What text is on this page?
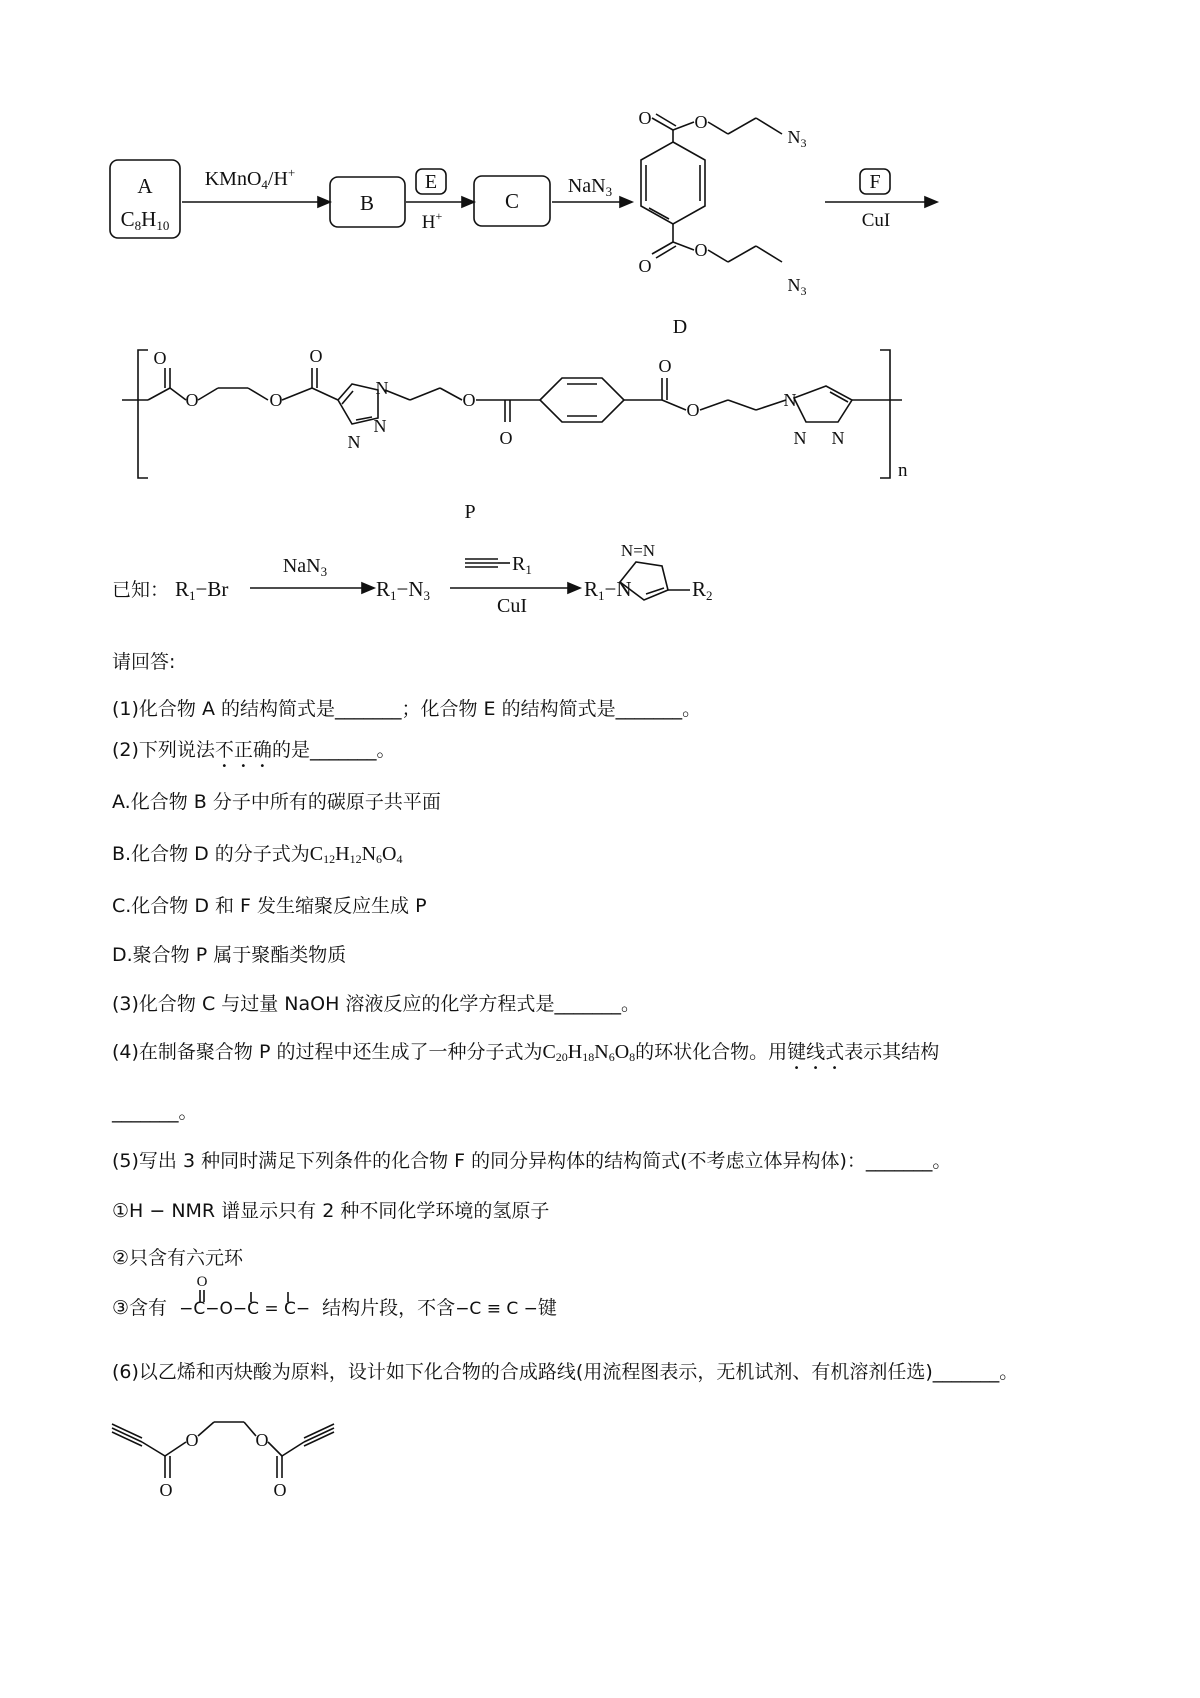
A
C8H10
KMnO$_4$/H+
B
E
H+
C
NaN$_3$	F
CuI
D
O O
$N_3$
O
O
$N_3$
O
O	O
O
N
N
N
O
O
O
O	N
N N
n
P
已知： R1−Br
NaN$_3$
R1−N3
$R_1$
CuI
R1−N
N=N
R2
O	O
O	O
O
请回答:
(1)化合物 A 的结构简式是_______；化合物 E 的结构简式是_______。
(2)下列说法不正确的是_______。
A.化合物 B 分子中所有的碳原子共平面
B.化合物 D 的分子式为$C_{12}H_{12}N_6O_4$
C.化合物 D 和 F 发生缩聚反应生成 P
D.聚合物 P 属于聚酯类物质
(3)化合物 C 与过量 NaOH 溶液反应的化学方程式是_______。
(4)在制备聚合物 P 的过程中还生成了一种分子式为$C_{20}H_{18}N_6O_8$的环状化合物。用键线式表示其结构
_______。
(5)写出 3 种同时满足下列条件的化合物 F 的同分异构体的结构简式(不考虑立体异构体)：_______。
①H − NMR 谱显示只有 2 种不同化学环境的氢原子
②只含有六元环
③含有 −C−O−C = C− 结构片段，不含−C ≡ C −键
(6)以乙烯和丙炔酸为原料，设计如下化合物的合成路线(用流程图表示，无机试剂、有机溶剂任选)_______。
